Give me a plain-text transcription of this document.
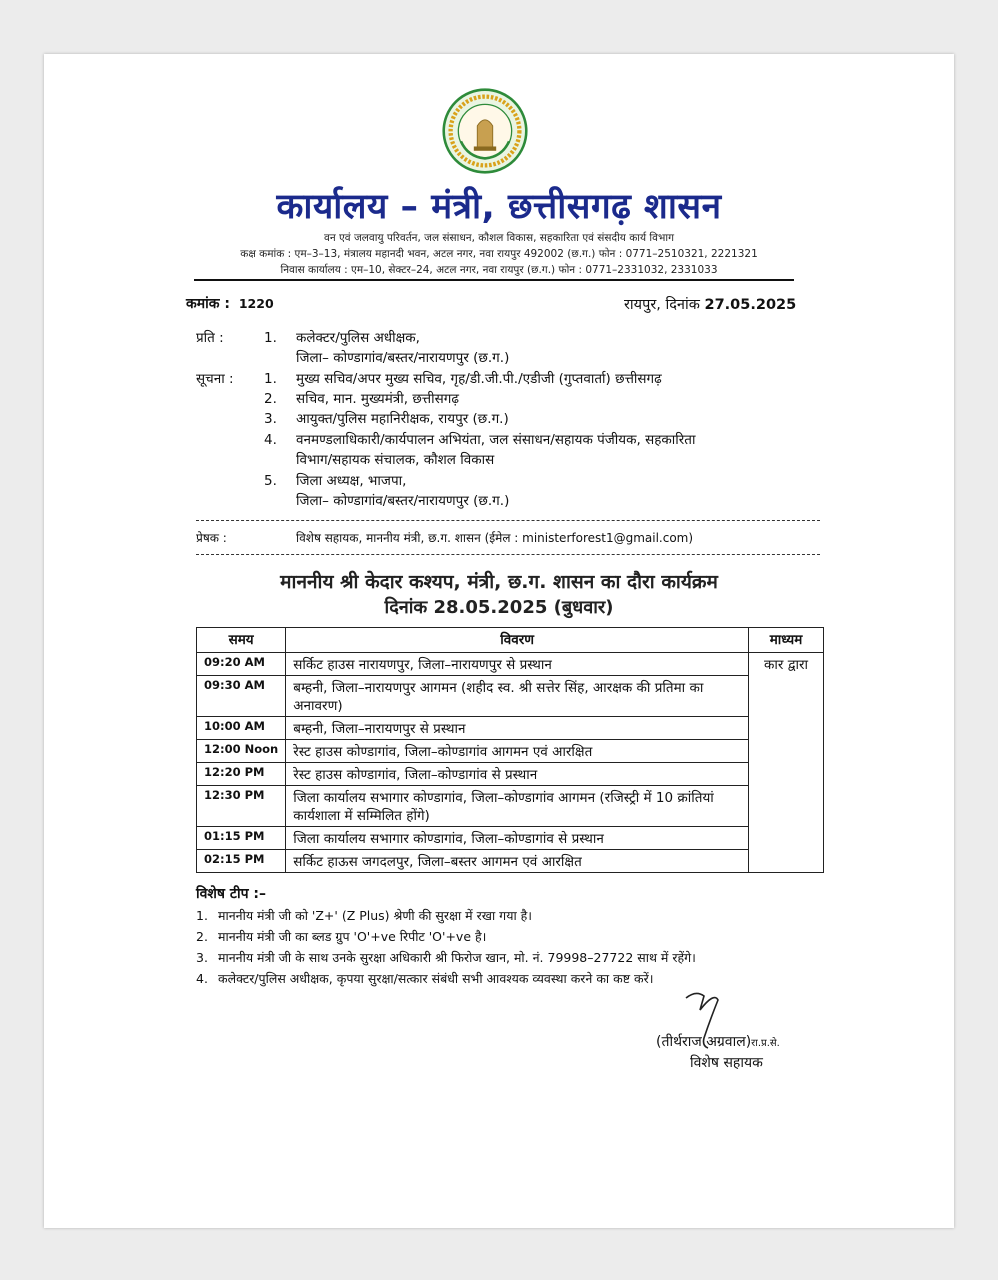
कार्यालय – मंत्री, छत्तीसगढ़ शासन
वन एवं जलवायु परिवर्तन, जल संसाधन, कौशल विकास, सहकारिता एवं संसदीय कार्य विभाग
कक्ष कमांक : एम–3–13, मंत्रालय महानदी भवन, अटल नगर, नवा रायपुर 492002 (छ.ग.) फोन : 0771–2510321, 2221321
निवास कार्यालय : एम–10, सेक्टर–24, अटल नगर, नवा रायपुर (छ.ग.) फोन : 0771–2331032, 2331033
कमांक : 1220	रायपुर, दिनांक 27.05.2025
प्रति :	1. कलेक्टर/पुलिस अधीक्षक,
जिला– कोण्डागांव/बस्तर/नारायणपुर (छ.ग.)
सूचना : 1. मुख्य सचिव/अपर मुख्य सचिव, गृह/डी.जी.पी./एडीजी (गुप्तवार्ता) छत्तीसगढ़
2. सचिव, मान. मुख्यमंत्री, छत्तीसगढ़
3. आयुक्त/पुलिस महानिरीक्षक, रायपुर (छ.ग.)
4. वनमण्डलाधिकारी/कार्यपालन अभियंता, जल संसाधन/सहायक पंजीयक, सहकारिता
विभाग/सहायक संचालक, कौशल विकास
5. जिला अध्यक्ष, भाजपा,
जिला– कोण्डागांव/बस्तर/नारायणपुर (छ.ग.)
प्रेषक :	विशेष सहायक, माननीय मंत्री, छ.ग. शासन (ईमेल : ministerforest1@gmail.com)
माननीय श्री केदार कश्यप, मंत्री, छ.ग. शासन का दौरा कार्यक्रम
दिनांक 28.05.2025 (बुधवार)
समय	विवरण	माध्यम
09:20 AM	सर्किट हाउस नारायणपुर, जिला–नारायणपुर से प्रस्थान	कार द्वारा
09:30 AM	बम्हनी, जिला–नारायणपुर आगमन (शहीद स्व. श्री सत्तेर सिंह, आरक्षक की प्रतिमा का अनावरण)	
10:00 AM	बम्हनी, जिला–नारायणपुर से प्रस्थान	
12:00 Noon	रेस्ट हाउस कोण्डागांव, जिला–कोण्डागांव आगमन एवं आरक्षित	
12:20 PM	रेस्ट हाउस कोण्डागांव, जिला–कोण्डागांव से प्रस्थान	
12:30 PM	जिला कार्यालय सभागार कोण्डागांव, जिला–कोण्डागांव आगमन (रजिस्ट्री में 10 क्रांतियां कार्यशाला में सम्मिलित होंगे)	
01:15 PM	जिला कार्यालय सभागार कोण्डागांव, जिला–कोण्डागांव से प्रस्थान	
02:15 PM	सर्किट हाऊस जगदलपुर, जिला–बस्तर आगमन एवं आरक्षित	
विशेष टीप :–
1. माननीय मंत्री जी को 'Z+' (Z Plus) श्रेणी की सुरक्षा में रखा गया है।
2. माननीय मंत्री जी का ब्लड ग्रुप 'O'+ve रिपीट 'O'+ve है।
3. माननीय मंत्री जी के साथ उनके सुरक्षा अधिकारी श्री फिरोज खान, मो. नं. 79998–27722 साथ में रहेंगे।
4. कलेक्टर/पुलिस अधीक्षक, कृपया सुरक्षा/सत्कार संबंधी सभी आवश्यक व्यवस्था करने का कष्ट करें।
(तीर्थराज अग्रवाल)रा.प्र.से.
विशेष सहायक
